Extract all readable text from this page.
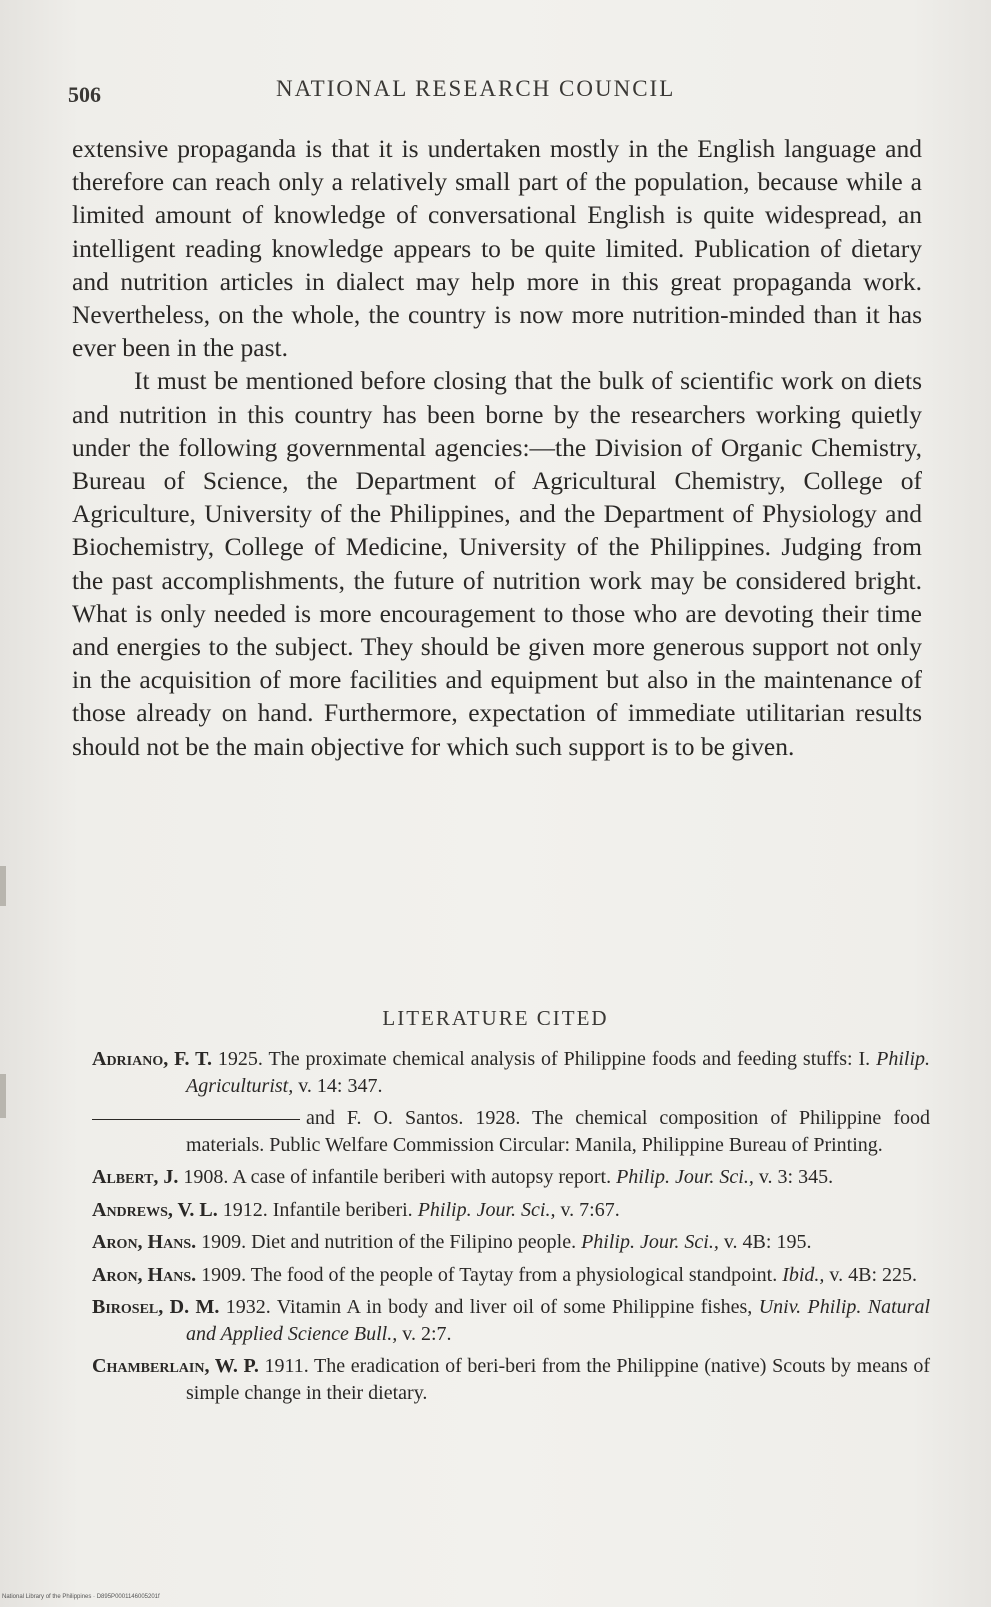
506	NATIONAL RESEARCH COUNCIL

extensive propaganda is that it is undertaken mostly in the English language and therefore can reach only a relatively small part of the population, because while a limited amount of knowledge of conversational English is quite widespread, an intelligent reading knowledge appears to be quite limited. Publication of dietary and nutrition articles in dialect may help more in this great propaganda work. Nevertheless, on the whole, the country is now more nutrition-minded than it has ever been in the past.

It must be mentioned before closing that the bulk of scientific work on diets and nutrition in this country has been borne by the researchers working quietly under the following governmental agencies:—the Division of Organic Chemistry, Bureau of Science, the Department of Agricultural Chemistry, College of Agriculture, University of the Philippines, and the Department of Physiology and Biochemistry, College of Medicine, University of the Philippines. Judging from the past accomplishments, the future of nutrition work may be considered bright. What is only needed is more encouragement to those who are devoting their time and energies to the subject. They should be given more generous support not only in the acquisition of more facilities and equipment but also in the maintenance of those already on hand. Furthermore, expectation of immediate utilitarian results should not be the main objective for which such support is to be given.

LITERATURE CITED
Adriano, F. T. 1925. The proximate chemical analysis of Philippine foods and feeding stuffs: I. Philip. Agriculturist, v. 14: 347.
and F. O. Santos. 1928. The chemical composition of Philippine food materials. Public Welfare Commission Circular: Manila, Philippine Bureau of Printing.
Albert, J. 1908. A case of infantile beriberi with autopsy report. Philip. Jour. Sci., v. 3: 345.
Andrews, V. L. 1912. Infantile beriberi. Philip. Jour. Sci., v. 7:67.
Aron, Hans. 1909. Diet and nutrition of the Filipino people. Philip. Jour. Sci., v. 4B: 195.
Aron, Hans. 1909. The food of the people of Taytay from a physiological standpoint. Ibid., v. 4B: 225.
Birosel, D. M. 1932. Vitamin A in body and liver oil of some Philippine fishes, Univ. Philip. Natural and Applied Science Bull., v. 2:7.
Chamberlain, W. P. 1911. The eradication of beri-beri from the Philippine (native) Scouts by means of simple change in their dietary.
National Library of the Philippines · D895P0001146005201f
